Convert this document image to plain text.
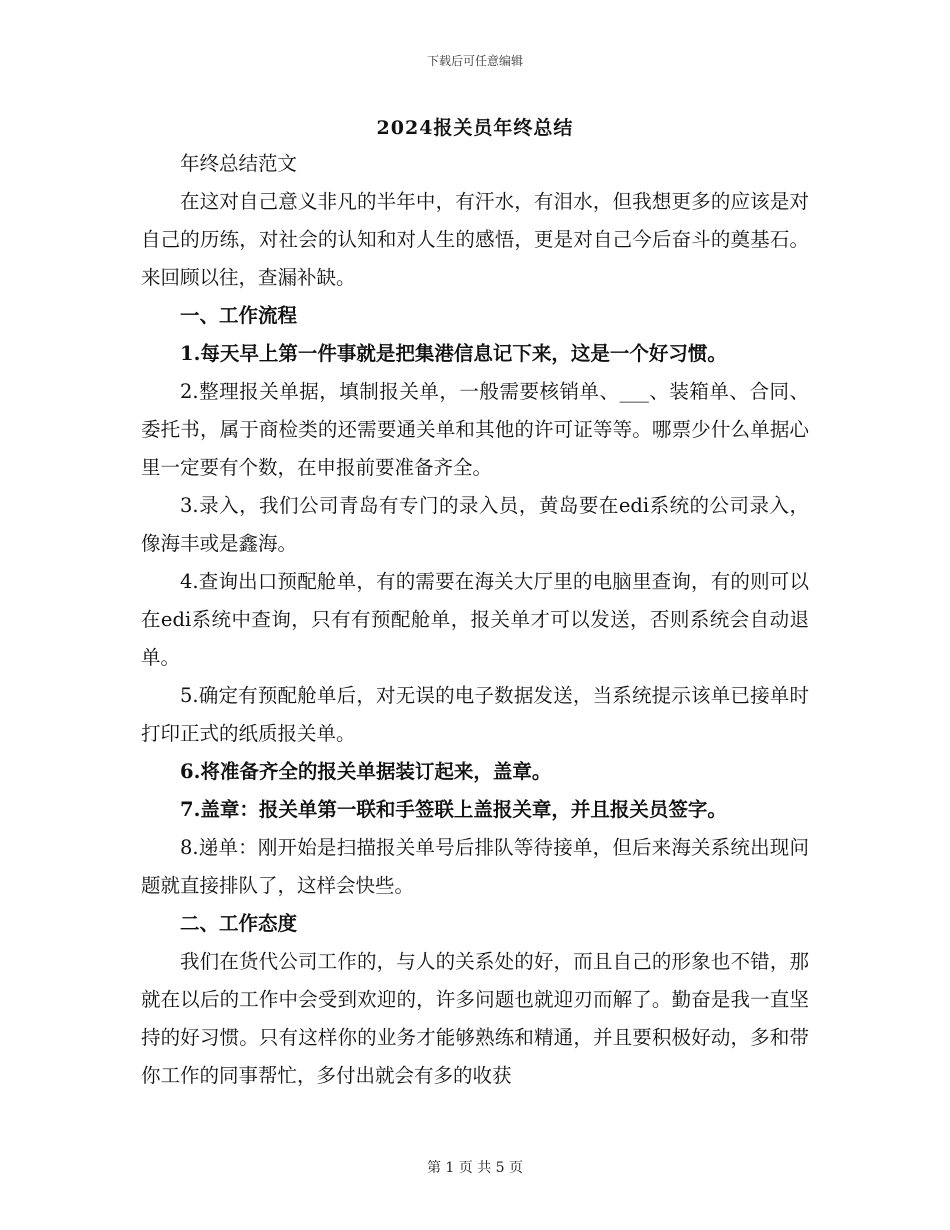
下载后可任意编辑
2024报关员年终总结

年终总结范文

在这对自己意义非凡的半年中，有汗水，有泪水，但我想更多的应该是对自己的历练，对社会的认知和对人生的感悟，更是对自己今后奋斗的奠基石。来回顾以往，查漏补缺。

一、工作流程

1.每天早上第一件事就是把集港信息记下来，这是一个好习惯。

2.整理报关单据，填制报关单，一般需要核销单、___、装箱单、合同、委托书，属于商检类的还需要通关单和其他的许可证等等。哪票少什么单据心里一定要有个数，在申报前要准备齐全。

3.录入，我们公司青岛有专门的录入员，黄岛要在edi系统的公司录入，像海丰或是鑫海。

4.查询出口预配舱单，有的需要在海关大厅里的电脑里查询，有的则可以在edi系统中查询，只有有预配舱单，报关单才可以发送，否则系统会自动退单。

5.确定有预配舱单后，对无误的电子数据发送，当系统提示该单已接单时打印正式的纸质报关单。

6.将准备齐全的报关单据装订起来，盖章。

7.盖章：报关单第一联和手签联上盖报关章，并且报关员签字。

8.递单：刚开始是扫描报关单号后排队等待接单，但后来海关系统出现问题就直接排队了，这样会快些。

二、工作态度

我们在货代公司工作的，与人的关系处的好，而且自己的形象也不错，那就在以后的工作中会受到欢迎的，许多问题也就迎刃而解了。勤奋是我一直坚持的好习惯。只有这样你的业务才能够熟练和精通，并且要积极好动，多和带你工作的同事帮忙，多付出就会有多的收获

第 1 页 共 5 页
